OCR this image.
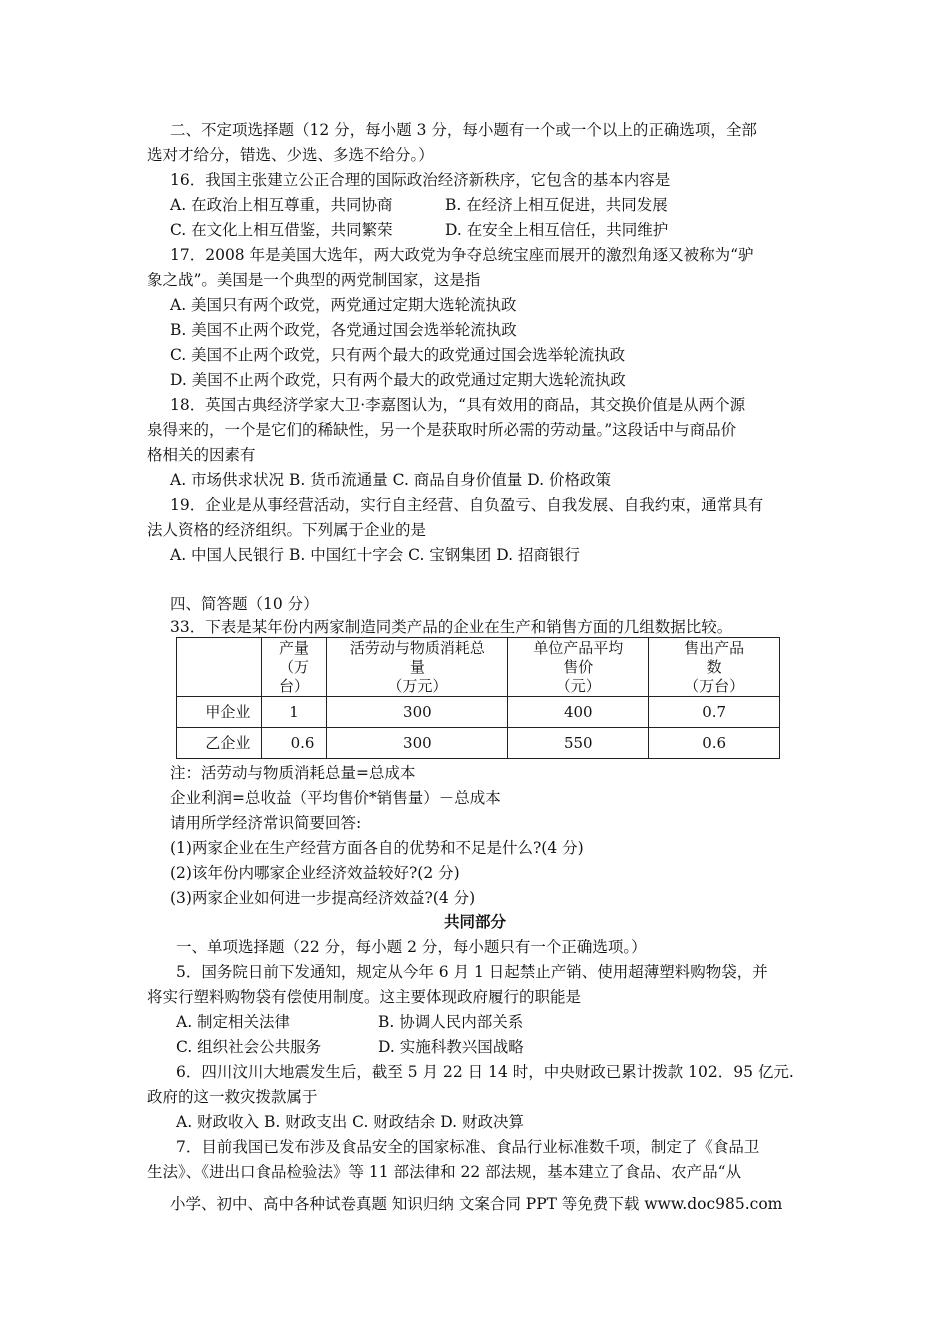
二、不定项选择题（12 分，每小题 3 分，每小题有一个或一个以上的正确选项，全部
选对才给分，错选、少选、多选不给分。）
16．我国主张建立公正合理的国际政治经济新秩序，它包含的基本内容是
A. 在政治上相互尊重，共同协商	B. 在经济上相互促进，共同发展
C. 在文化上相互借鉴，共同繁荣	D. 在安全上相互信任，共同维护
17．2008 年是美国大选年，两大政党为争夺总统宝座而展开的激烈角逐又被称为“驴
象之战”。美国是一个典型的两党制国家，这是指
A. 美国只有两个政党，两党通过定期大选轮流执政
B. 美国不止两个政党，各党通过国会选举轮流执政
C. 美国不止两个政党，只有两个最大的政党通过国会选举轮流执政
D. 美国不止两个政党，只有两个最大的政党通过定期大选轮流执政
18．英国古典经济学家大卫·李嘉图认为，“具有效用的商品，其交换价值是从两个源
泉得来的，一个是它们的稀缺性，另一个是获取时所必需的劳动量。”这段话中与商品价
格相关的因素有
A. 市场供求状况 B. 货币流通量 C. 商品自身价值量 D. 价格政策
19．企业是从事经营活动，实行自主经营、自负盈亏、自我发展、自我约束，通常具有
法人资格的经济组织。下列属于企业的是
A. 中国人民银行 B. 中国红十字会 C. 宝钢集团 D. 招商银行
四、简答题（10 分）
33．下表是某年份内两家制造同类产品的企业在生产和销售方面的几组数据比较。

	产量
（万
台）	活劳动与物质消耗总
量
（万元）	单位产品平均
售价
（元）	售出产品
数
（万台）

甲企业	1	300	400	0.7
乙企业	0.6	300	550	0.6
注：活劳动与物质消耗总量=总成本
企业利润=总收益（平均售价*销售量）－总成本
请用所学经济常识简要回答:
(1)两家企业在生产经营方面各自的优势和不足是什么?(4 分)
(2)该年份内哪家企业经济效益较好?(2 分)
(3)两家企业如何进一步提高经济效益?(4 分)
共同部分
一、单项选择题（22 分，每小题 2 分，每小题只有一个正确选项。）
5．国务院日前下发通知，规定从今年 6 月 1 日起禁止产销、使用超薄塑料购物袋，并
将实行塑料购物袋有偿使用制度。这主要体现政府履行的职能是
A. 制定相关法律	B. 协调人民内部关系
C. 组织社会公共服务	D. 实施科教兴国战略
6．四川汶川大地震发生后，截至 5 月 22 日 14 时，中央财政已累计拨款 102．95 亿元.
政府的这一救灾拨款属于
A. 财政收入 B. 财政支出 C. 财政结余 D. 财政决算
7．目前我国已发布涉及食品安全的国家标准、食品行业标准数千项，制定了《食品卫
生法》、《进出口食品检验法》等 11 部法律和 22 部法规，基本建立了食品、农产品“从
小学、初中、高中各种试卷真题 知识归纳 文案合同 PPT 等免费下载 www.doc985.com
